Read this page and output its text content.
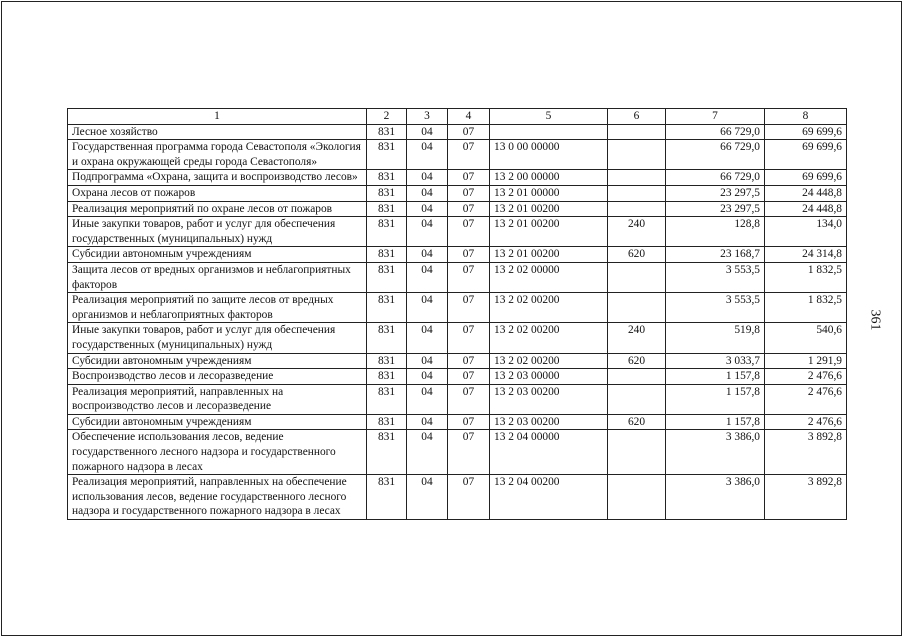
361
1	2	3	4	5	6	7	8
Лесное хозяйство	831	04	07			66 729,0	69 699,6
Государственная программа города Севастополя «Экология и охрана окружающей среды города Севастополя»	831	04	07	13 0 00 00000		66 729,0	69 699,6
Подпрограмма «Охрана, защита и воспроизводство лесов»	831	04	07	13 2 00 00000		66 729,0	69 699,6
Охрана лесов от пожаров	831	04	07	13 2 01 00000		23 297,5	24 448,8
Реализация мероприятий по охране лесов от пожаров	831	04	07	13 2 01 00200		23 297,5	24 448,8
Иные закупки товаров, работ и услуг для обеспечения государственных (муниципальных) нужд	831	04	07	13 2 01 00200	240	128,8	134,0
Субсидии автономным учреждениям	831	04	07	13 2 01 00200	620	23 168,7	24 314,8
Защита лесов от вредных организмов и неблагоприятных факторов	831	04	07	13 2 02 00000		3 553,5	1 832,5
Реализация мероприятий по защите лесов от вредных организмов и неблагоприятных факторов	831	04	07	13 2 02 00200		3 553,5	1 832,5
Иные закупки товаров, работ и услуг для обеспечения государственных (муниципальных) нужд	831	04	07	13 2 02 00200	240	519,8	540,6
Субсидии автономным учреждениям	831	04	07	13 2 02 00200	620	3 033,7	1 291,9
Воспроизводство лесов и лесоразведение	831	04	07	13 2 03 00000		1 157,8	2 476,6
Реализация мероприятий, направленных на воспроизводство лесов и лесоразведение	831	04	07	13 2 03 00200		1 157,8	2 476,6
Субсидии автономным учреждениям	831	04	07	13 2 03 00200	620	1 157,8	2 476,6
Обеспечение использования лесов, ведение государственного лесного надзора и государственного пожарного надзора в лесах	831	04	07	13 2 04 00000		3 386,0	3 892,8
Реализация мероприятий, направленных на обеспечение использования лесов, ведение государственного лесного надзора и государственного пожарного надзора в лесах	831	04	07	13 2 04 00200		3 386,0	3 892,8
